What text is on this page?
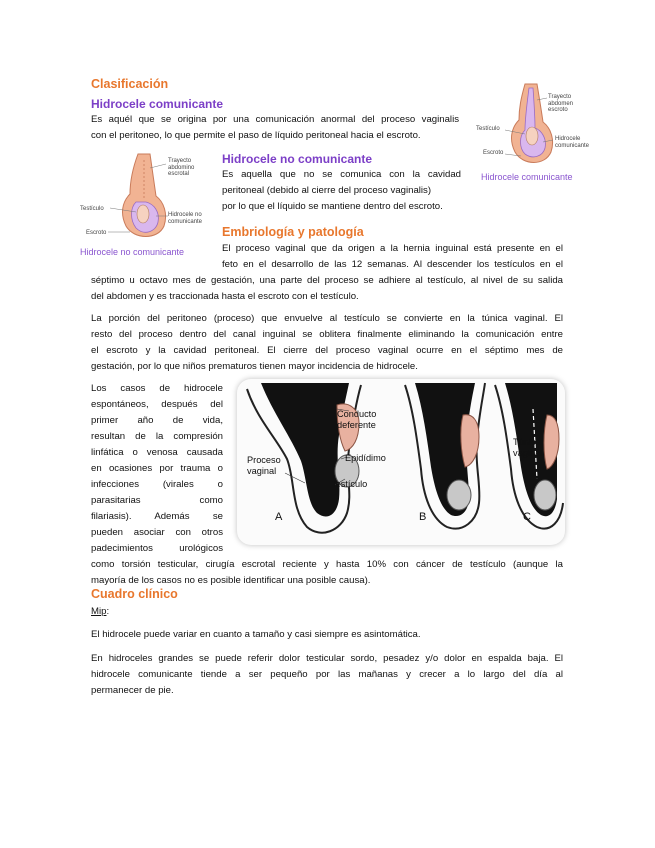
Clasificación
Hidrocele comunicante
Es aquél que se origina por una comunicación anormal del proceso vaginalis
con el peritoneo, lo que permite el paso de líquido peritoneal hacia el escroto.
Trayecto abdomen escroto
Testículo
Hidrocele comunicante
Escroto
Hidrocele comunicante
Trayecto abdomino escrotal
Testículo
Hidrocele no comunicante
Escroto
Hidrocele no comunicante
Hidrocele no comunicante
Es aquella que no se comunica con la cavidad
peritoneal (debido al cierre del proceso vaginalis)
por lo que el líquido se mantiene dentro del escroto.
Embriología y patología
El proceso vaginal que da origen a la hernia inguinal está presente en el
feto en el desarrollo de las 12 semanas. Al descender los testículos en el
séptimo u octavo mes de gestación, una parte del proceso se adhiere al testículo, al nivel de su salida
del abdomen y es traccionada hasta el escroto con el testículo.
La porción del peritoneo (proceso) que envuelve al testículo se convierte en la túnica vaginal. El
resto del proceso dentro del canal inguinal se oblitera finalmente eliminando la comunicación entre
el escroto y la cavidad peritoneal. El cierre del proceso vaginal ocurre en el séptimo mes de
gestación, por lo que niños prematuros tienen mayor incidencia de hidrocele.
Los casos de hidrocele
espontáneos, después del
primer año de vida,
resultan de la compresión
linfática o venosa causada
en ocasiones por trauma o
infecciones (virales o
parasitarias como
filariasis). Además se
pueden asociar con otros
padecimientos urológicos
como torsión testicular, cirugía escrotal reciente y hasta 10% con cáncer de testículo (aunque la
mayoría de los casos no es posible identificar una posible causa).
Conducto deferente
Epidídimo
Proceso vaginal
Testículo
Túnica vaginal
A	B	C
Cuadro clínico
Mip:
El hidrocele puede variar en cuanto a tamaño y casi siempre es asintomática.
En hidroceles grandes se puede referir dolor testicular sordo, pesadez y/o dolor en espalda baja. El
hidrocele comunicante tiende a ser pequeño por las mañanas y crecer a lo largo del día al
permanecer de pie.
